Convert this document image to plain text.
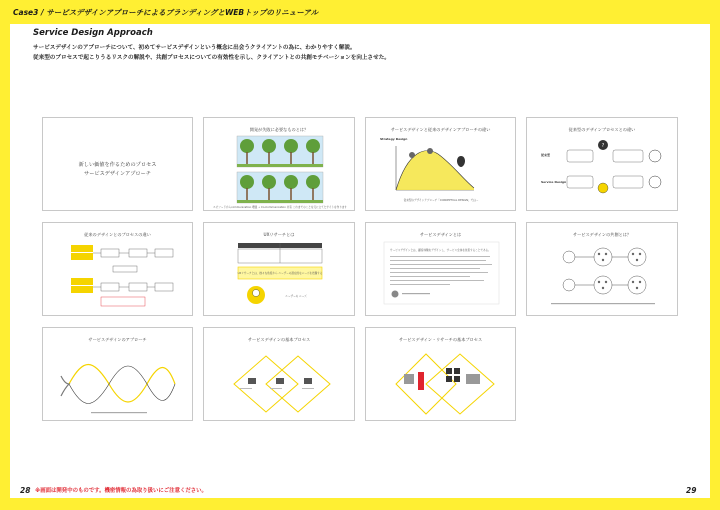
Case3 / サービスデザインアプローチによるブランディングとWEBトップのリニューアル
Service Design Approach
サービスデザインのアプローチについて、初めてサービスデザインという概念に出会うクライアントの為に、わかりやすく解説。
従来型のプロセスで起こりうるリスクの解説や、共創プロセスについての有効性を示し、クライアントとの共創モチベーションを向上させた。
新しい価値を作るためのプロセス
サービスデザインアプローチ
開発が失敗に必要なものとは？
エピソードからcommunication 増強 → Co-Communication 共有 これまでのことを元に立てたサイトを作ります
サービスデザインと従来のデザインアプローチの違い
Strategy Design
従来型のデザインアプローチ「CONCEPTUAL DESIGN」では...
従来型のデザインプロセスとの違い
従来型
Service Design
?
従来のデザインとのプロセスの違い	UXリサーチとは
UXリサーチとは、様々な角度から ユーザーの潜在的なニーズを把握する
ユーザーの ニーズ
サービスデザインとは
サービスデザインとは、顧客体験をデザインし、サービス全体を改善することである。
サービスデザインの共創とは？
サービスデザインのアプローチ	サービスデザインの基本プロセス	サービスデザイン・リサーチの基本プロセス
28 ※画面は開発中のものです。機密情報の為取り扱いにご注意ください。	29
